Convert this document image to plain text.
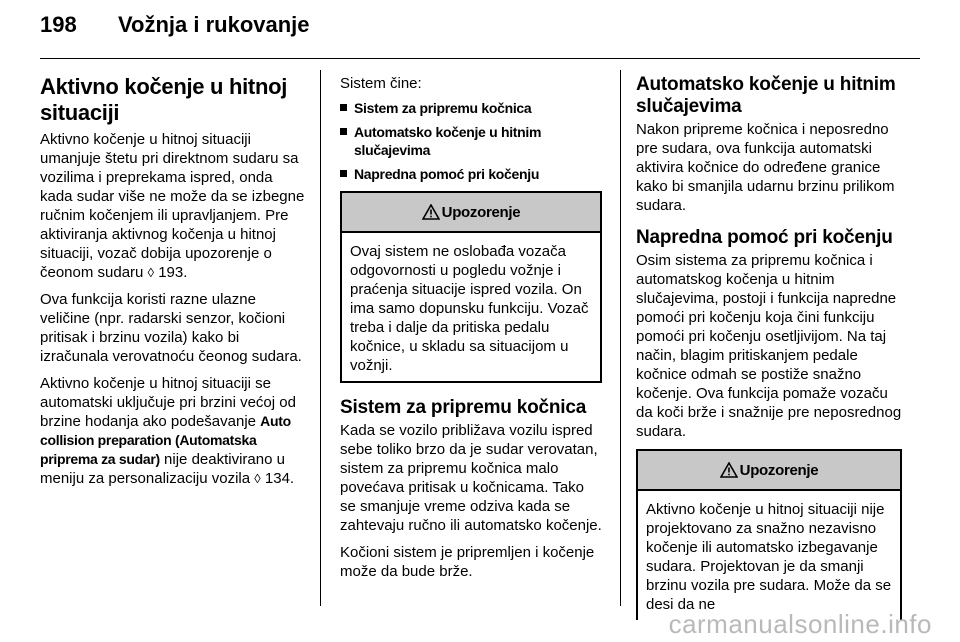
198	Vožnja i rukovanje
Aktivno kočenje u hitnoj situaciji

Aktivno kočenje u hitnoj situaciji umanjuje štetu pri direktnom sudaru sa vozilima i preprekama ispred, onda kada sudar više ne može da se izbegne ručnim kočenjem ili upravljanjem. Pre aktiviranja aktivnog kočenja u hitnoj situaciji, vozač dobija upozorenje o čeonom sudaru ◊ 193.

Ova funkcija koristi razne ulazne veličine (npr. radarski senzor, kočioni pritisak i brzinu vozila) kako bi izračunala verovatnoću čeonog sudara.

Aktivno kočenje u hitnoj situaciji se automatski uključuje pri brzini većoj od brzine hodanja ako podešavanje Auto collision preparation (Automatska priprema za sudar) nije deaktivirano u meniju za personalizaciju vozila ◊ 134.

Sistem čine:

Sistem za pripremu kočnica
Automatsko kočenje u hitnim slučajevima
Napredna pomoć pri kočenju
Upozorenje
Ovaj sistem ne oslobađa vozača odgovornosti u pogledu vožnje i praćenja situacije ispred vozila. On ima samo dopunsku funkciju. Vozač treba i dalje da pritiska pedalu kočnice, u skladu sa situacijom u vožnji.
Sistem za pripremu kočnica

Kada se vozilo približava vozilu ispred sebe toliko brzo da je sudar verovatan, sistem za pripremu kočnica malo povećava pritisak u kočnicama. Tako se smanjuje vreme odziva kada se zahtevaju ručno ili automatsko kočenje.

Kočioni sistem je pripremljen i kočenje može da bude brže.

Automatsko kočenje u hitnim slučajevima

Nakon pripreme kočnica i neposredno pre sudara, ova funkcija automatski aktivira kočnice do određene granice kako bi smanjila udarnu brzinu prilikom sudara.

Napredna pomoć pri kočenju

Osim sistema za pripremu kočnica i automatskog kočenja u hitnim slučajevima, postoji i funkcija napredne pomoći pri kočenju koja čini funkciju pomoći pri kočenju osetljivijom. Na taj način, blagim pritiskanjem pedale kočnice odmah se postiže snažno kočenje. Ova funkcija pomaže vozaču da koči brže i snažnije pre neposrednog sudara.

Upozorenje
Aktivno kočenje u hitnoj situaciji nije projektovano za snažno nezavisno kočenje ili automatsko izbegavanje sudara. Projektovan je da smanji brzinu vozila pre sudara. Može da se desi da ne
carmanualsonline.info
